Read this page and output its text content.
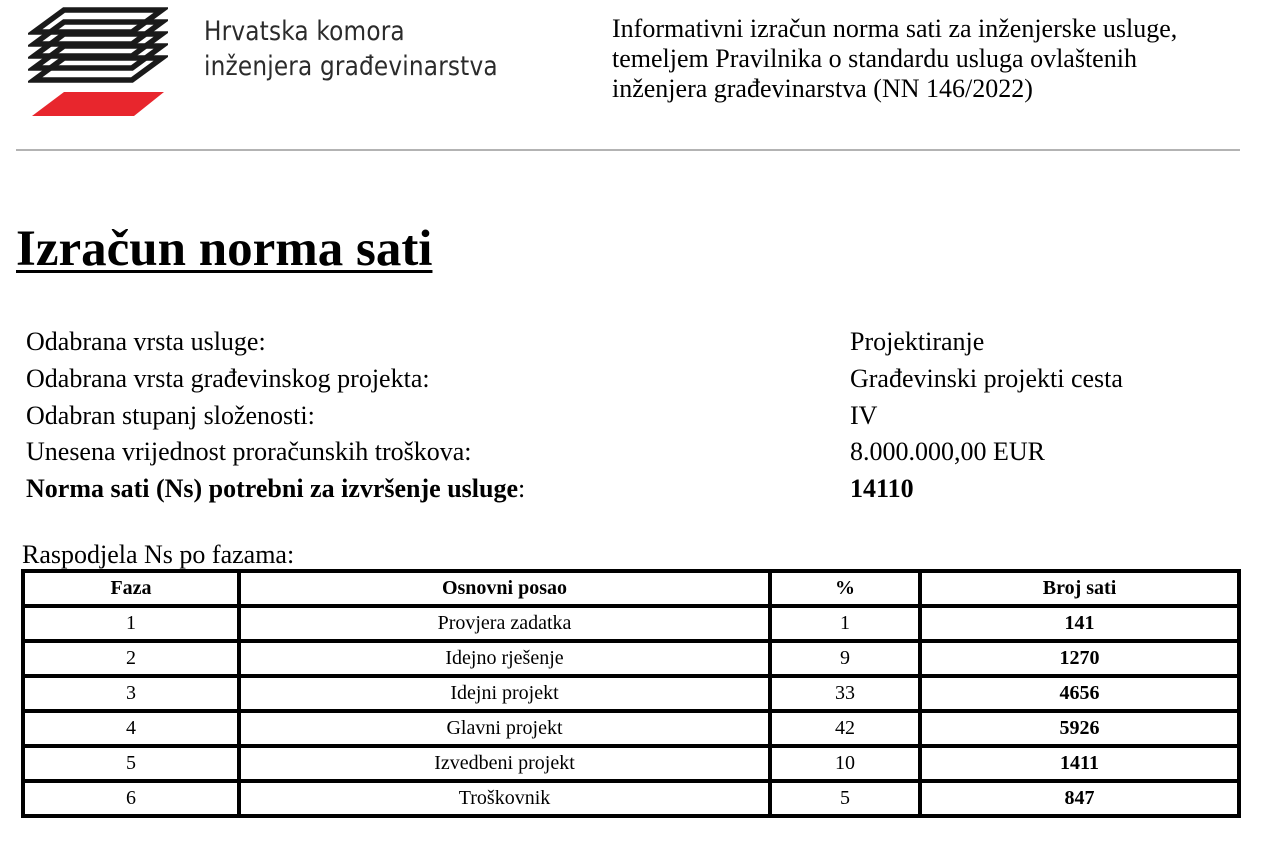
Hrvatska komora
inženjera građevinarstva
Informativni izračun norma sati za inženjerske usluge,
temeljem Pravilnika o standardu usluga ovlaštenih
inženjera građevinarstva (NN 146/2022)
Izračun norma sati
Odabrana vrsta usluge:	Projektiranje
Odabrana vrsta građevinskog projekta:	Građevinski projekti cesta
Odabran stupanj složenosti:	IV
Unesena vrijednost proračunskih troškova:	8.000.000,00 EUR
Norma sati (Ns) potrebni za izvršenje usluge:	14110
Raspodjela Ns po fazama:
Faza	Osnovni posao	%	Broj sati
1	Provjera zadatka	1	141
2	Idejno rješenje	9	1270
3	Idejni projekt	33	4656
4	Glavni projekt	42	5926
5	Izvedbeni projekt	10	1411
6	Troškovnik	5	847
